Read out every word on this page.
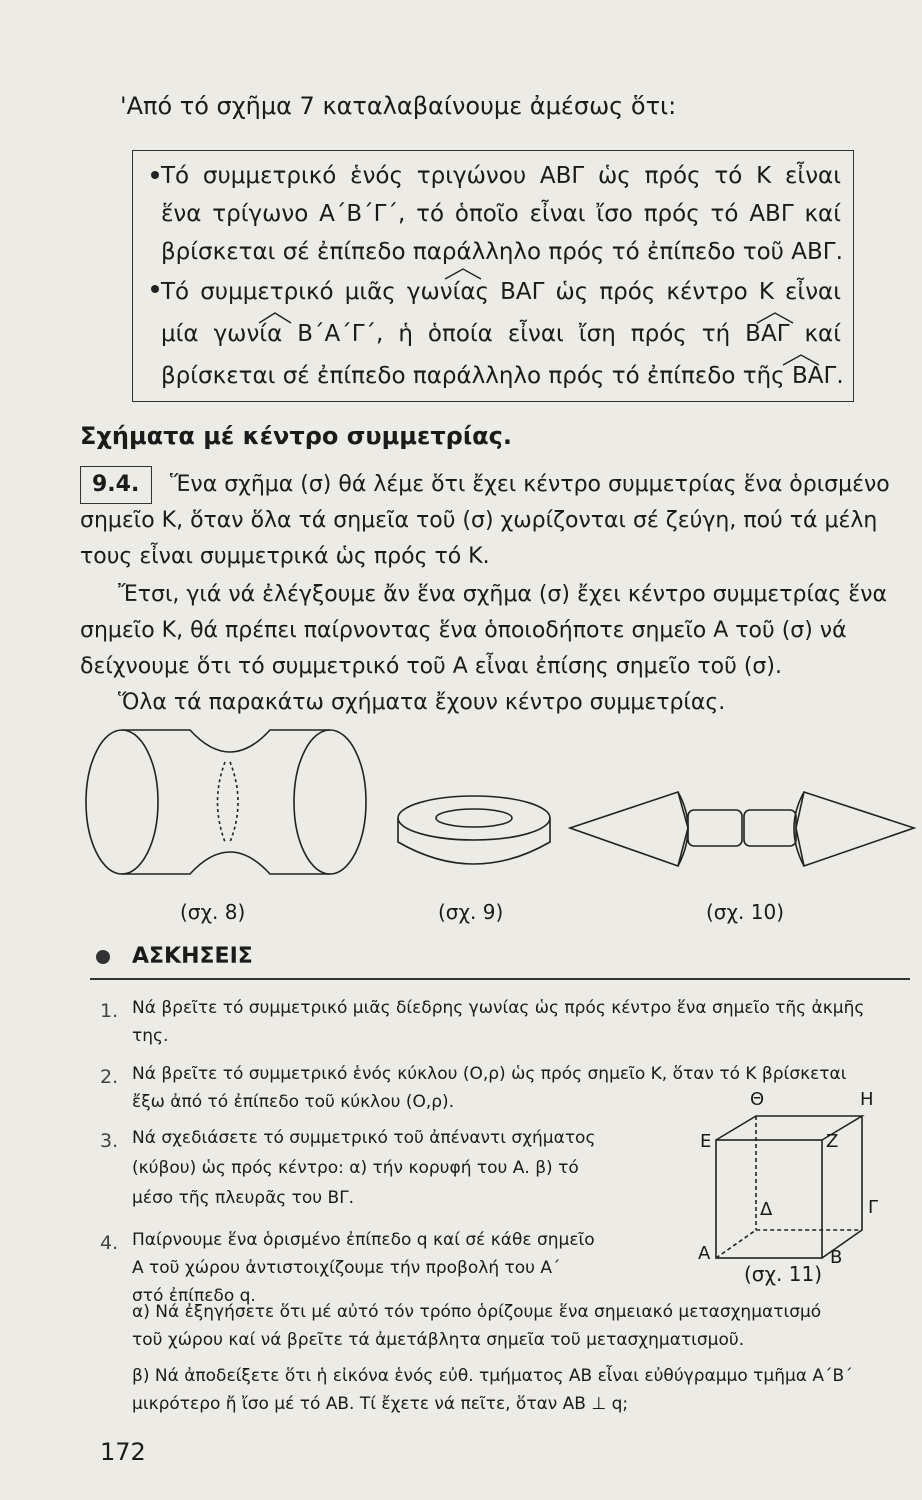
'Από τό σχῆμα 7 καταλαβαίνουμε ἀμέσως ὅτι:
Τό συμμετρικό ἑνός τριγώνου ΑΒΓ ὡς πρός τό Κ εἶναι
ἕνα τρίγωνο Α΄Β΄Γ΄, τό ὁποῖο εἶναι ἴσο πρός τό ΑΒΓ καί
βρίσκεται σέ ἐπίπεδο παράλληλο πρός τό ἐπίπεδο τοῦ ΑΒΓ.
Τό συμμετρικό μιᾶς γωνίας ΒΑΓ ὡς πρός κέντρο Κ εἶναι
μία γωνία Β΄Α΄Γ΄, ἡ ὁποία εἶναι ἴση πρός τή ΒΑΓ καί
βρίσκεται σέ ἐπίπεδο παράλληλο πρός τό ἐπίπεδο τῆς ΒΑΓ.
Σχήματα μέ κέντρο συμμετρίας.
9.4. Ἕνα σχῆμα (σ) θά λέμε ὅτι ἔχει κέντρο συμμετρίας ἕνα ὁρισμένο
σημεῖο Κ, ὅταν ὅλα τά σημεῖα τοῦ (σ) χωρίζονται σέ ζεύγη, πού τά μέλη
τους εἶναι συμμετρικά ὡς πρός τό Κ.
Ἔτσι, γιά νά ἐλέγξουμε ἄν ἕνα σχῆμα (σ) ἔχει κέντρο συμμετρίας ἕνα
σημεῖο Κ, θά πρέπει παίρνοντας ἕνα ὁποιοδήποτε σημεῖο Α τοῦ (σ) νά
δείχνουμε ὅτι τό συμμετρικό τοῦ Α εἶναι ἐπίσης σημεῖο τοῦ (σ).
Ὅλα τά παρακάτω σχήματα ἔχουν κέντρο συμμετρίας.
(σχ. 8)	(σχ. 9)	(σχ. 10)
ΑΣΚΗΣΕΙΣ
1. Νά βρεῖτε τό συμμετρικό μιᾶς δίεδρης γωνίας ὡς πρός κέντρο ἕνα σημεῖο τῆς ἀκμῆς
της.
2. Νά βρεῖτε τό συμμετρικό ἑνός κύκλου (Ο,ρ) ὡς πρός σημεῖο Κ, ὅταν τό Κ βρίσκεται
ἔξω ἀπό τό ἐπίπεδο τοῦ κύκλου (Ο,ρ).
3. Νά σχεδιάσετε τό συμμετρικό τοῦ ἀπέναντι σχήματος
(κύβου) ὡς πρός κέντρο: α) τήν κορυφή του Α. β) τό
μέσο τῆς πλευρᾶς του ΒΓ.
4. Παίρνουμε ἕνα ὁρισμένο ἐπίπεδο q καί σέ κάθε σημεῖο
Α τοῦ χώρου ἀντιστοιχίζουμε τήν προβολή του Α΄
στό ἐπίπεδο q.
Θ	Η
Ε	Ζ
Δ	Γ
Α	Β
(σχ. 11)
α) Νά ἐξηγήσετε ὅτι μέ αὐτό τόν τρόπο ὁρίζουμε ἕνα σημειακό μετασχηματισμό
τοῦ χώρου καί νά βρεῖτε τά ἀμετάβλητα σημεῖα τοῦ μετασχηματισμοῦ.
β) Νά ἀποδείξετε ὅτι ἡ εἰκόνα ἑνός εὐθ. τμήματος ΑΒ εἶναι εὐθύγραμμο τμῆμα Α΄Β΄
μικρότερο ἤ ἴσο μέ τό ΑΒ. Τί ἔχετε νά πεῖτε, ὅταν ΑΒ ⊥ q;
172
